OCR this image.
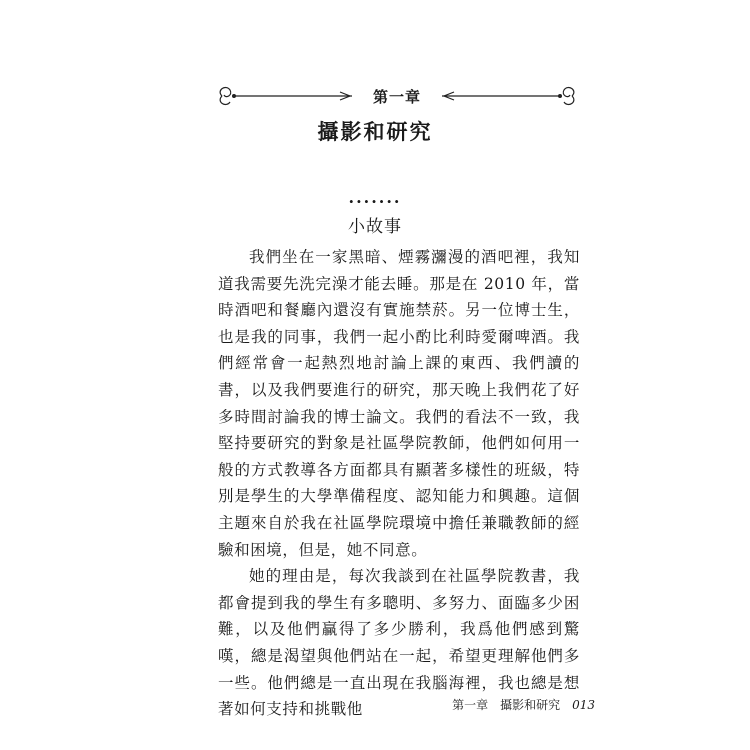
第一章
攝影和研究
.......
小故事

我們坐在一家黑暗、煙霧瀰漫的酒吧裡，我知道我需要先洗完澡才能去睡。那是在 2010 年，當時酒吧和餐廳內還沒有實施禁菸。另一位博士生，也是我的同事，我們一起小酌比利時愛爾啤酒。我們經常會一起熱烈地討論上課的東西、我們讀的書，以及我們要進行的研究，那天晚上我們花了好多時間討論我的博士論文。我們的看法不一致，我堅持要研究的對象是社區學院教師，他們如何用一般的方式教導各方面都具有顯著多樣性的班級，特別是學生的大學準備程度、認知能力和興趣。這個主題來自於我在社區學院環境中擔任兼職教師的經驗和困境，但是，她不同意。

她的理由是，每次我談到在社區學院教書，我都會提到我的學生有多聰明、多努力、面臨多少困難，以及他們贏得了多少勝利，我爲他們感到驚嘆，總是渴望與他們站在一起，希望更理解他們多一些。他們總是一直出現在我腦海裡，我也總是想著如何支持和挑戰他	第一章 攝影和研究 013
